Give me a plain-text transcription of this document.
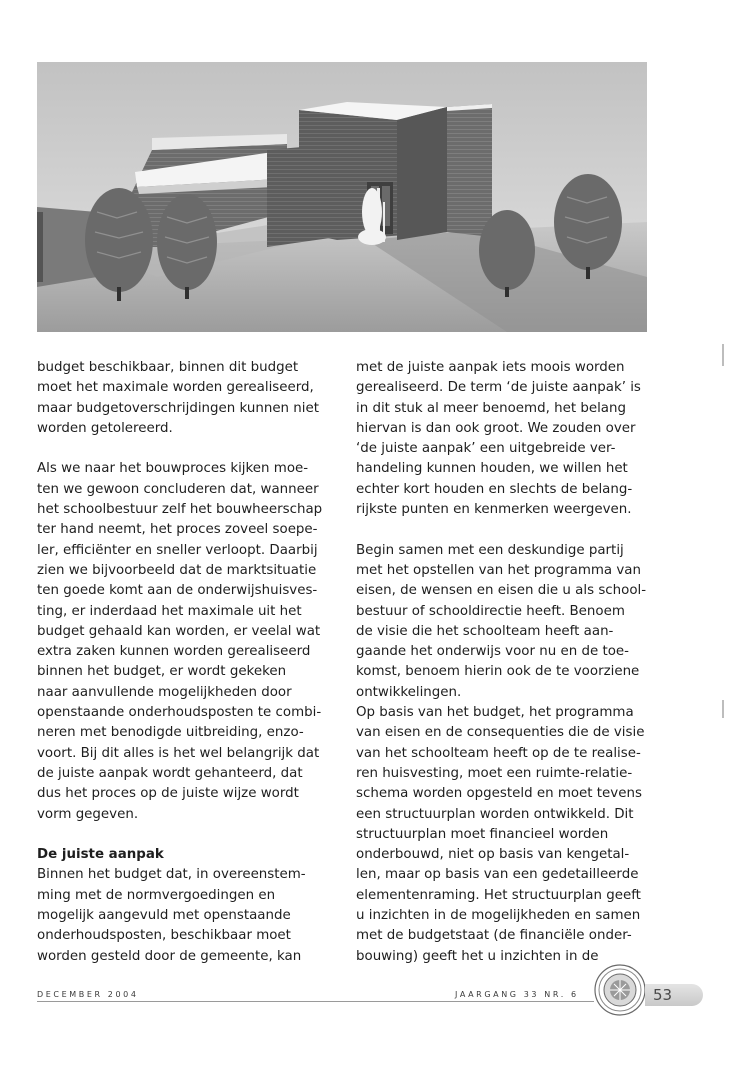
budget beschikbaar, binnen dit budget
moet het maximale worden gerealiseerd,
maar budgetoverschrijdingen kunnen niet
worden getolereerd.
Als we naar het bouwproces kijken moe-
ten we gewoon concluderen dat, wanneer
het schoolbestuur zelf het bouwheerschap
ter hand neemt, het proces zoveel soepe-
ler, efficiënter en sneller verloopt. Daarbij
zien we bijvoorbeeld dat de marktsituatie
ten goede komt aan de onderwijshuisves-
ting, er inderdaad het maximale uit het
budget gehaald kan worden, er veelal wat
extra zaken kunnen worden gerealiseerd
binnen het budget, er wordt gekeken
naar aanvullende mogelijkheden door
openstaande onderhoudsposten te combi-
neren met benodigde uitbreiding, enzo-
voort. Bij dit alles is het wel belangrijk dat
de juiste aanpak wordt gehanteerd, dat
dus het proces op de juiste wijze wordt
vorm gegeven.
De juiste aanpak
Binnen het budget dat, in overeenstem-
ming met de normvergoedingen en
mogelijk aangevuld met openstaande
onderhoudsposten, beschikbaar moet
worden gesteld door de gemeente, kan
met de juiste aanpak iets moois worden
gerealiseerd. De term ‘de juiste aanpak’ is
in dit stuk al meer benoemd, het belang
hiervan is dan ook groot. We zouden over
‘de juiste aanpak’ een uitgebreide ver-
handeling kunnen houden, we willen het
echter kort houden en slechts de belang-
rijkste punten en kenmerken weergeven.
Begin samen met een deskundige partij
met het opstellen van het programma van
eisen, de wensen en eisen die u als school-
bestuur of schooldirectie heeft. Benoem
de visie die het schoolteam heeft aan-
gaande het onderwijs voor nu en de toe-
komst, benoem hierin ook de te voorziene
ontwikkelingen.
Op basis van het budget, het programma
van eisen en de consequenties die de visie
van het schoolteam heeft op de te realise-
ren huisvesting, moet een ruimte-relatie-
schema worden opgesteld en moet tevens
een structuurplan worden ontwikkeld. Dit
structuurplan moet financieel worden
onderbouwd, niet op basis van kengetal-
len, maar op basis van een gedetailleerde
elementenraming. Het structuurplan geeft
u inzichten in de mogelijkheden en samen
met de budgetstaat (de financiële onder-
bouwing) geeft het u inzichten in de
DECEMBER 2004	JAARGANG 33 NR. 6	53
